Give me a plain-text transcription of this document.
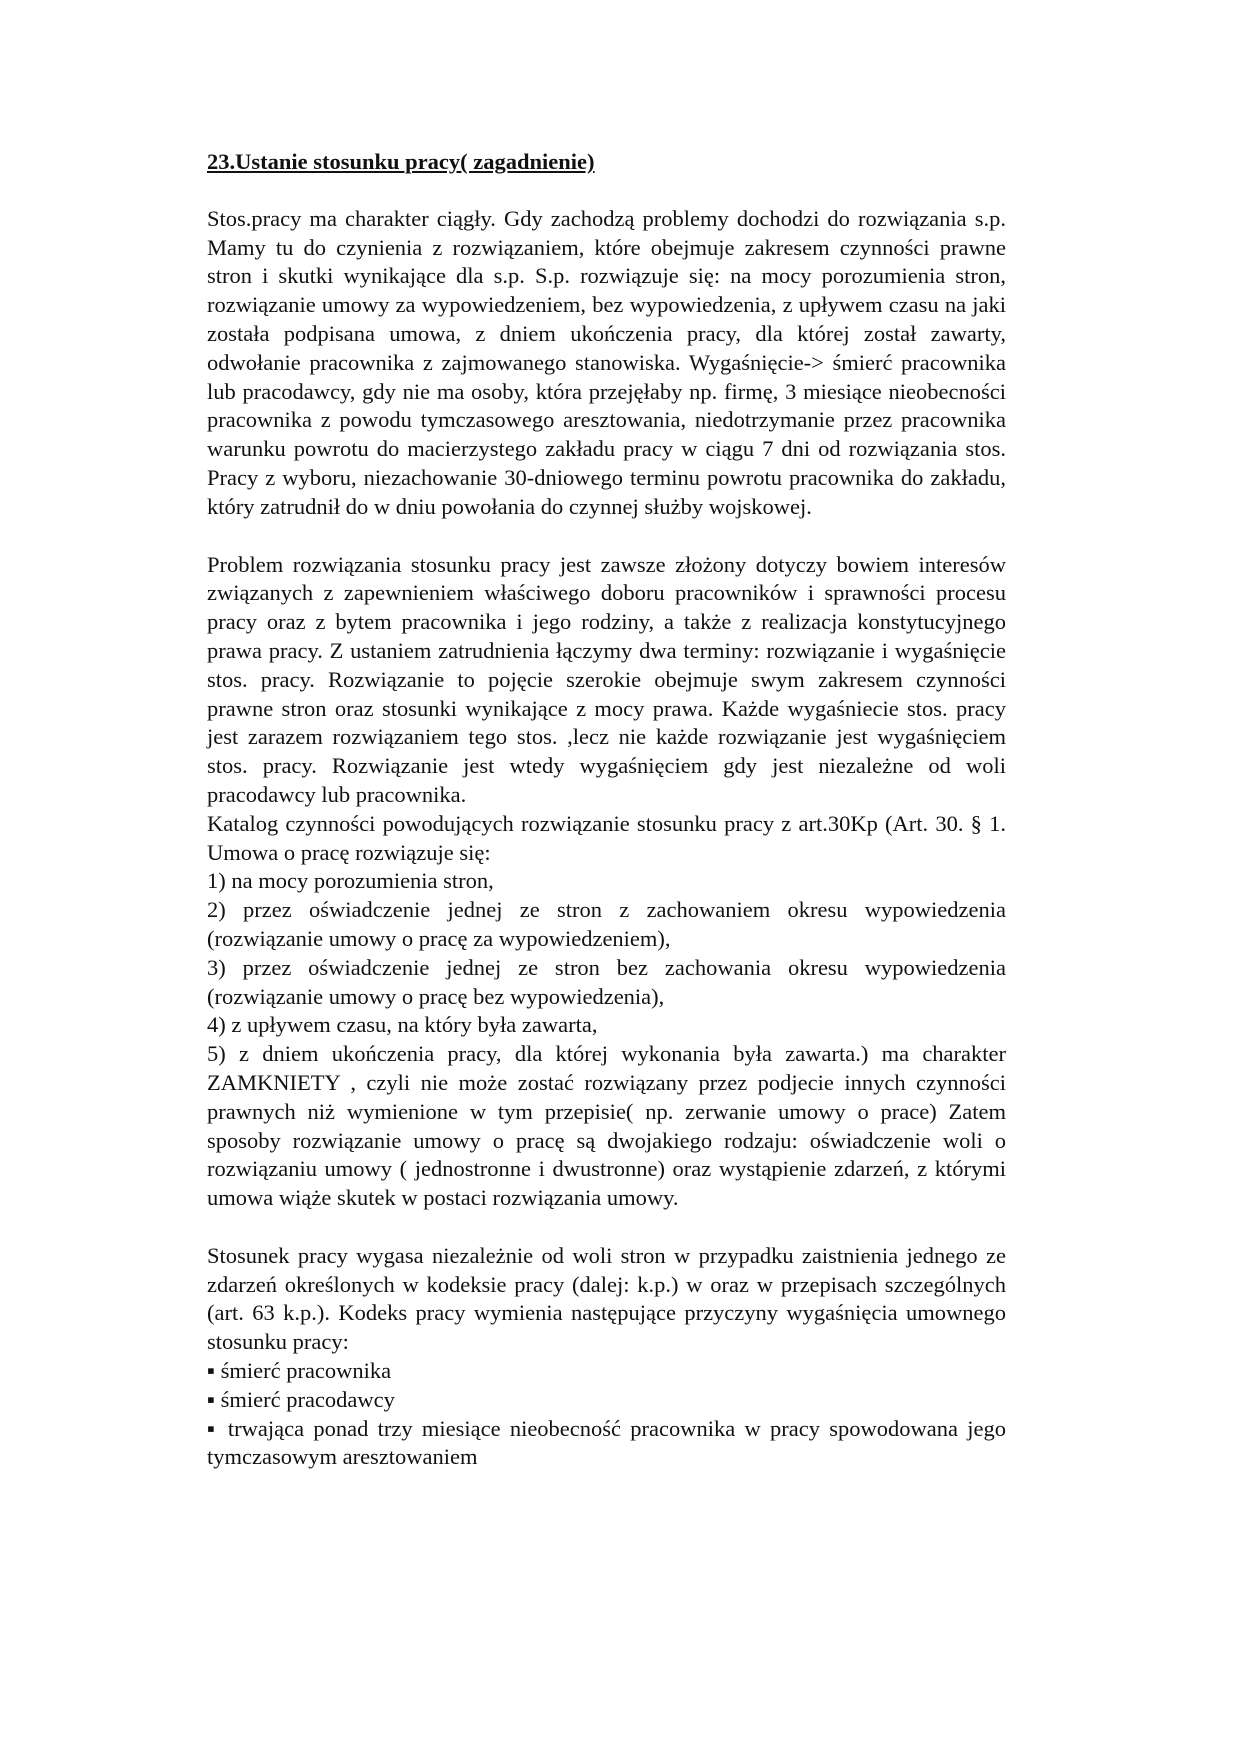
23.Ustanie stosunku pracy( zagadnienie)

Stos.pracy ma charakter ciągły. Gdy zachodzą problemy dochodzi do rozwiązania s.p. Mamy tu do czynienia z rozwiązaniem, które obejmuje zakresem czynności prawne stron i skutki wynikające dla s.p. S.p. rozwiązuje się: na mocy porozumienia stron, rozwiązanie umowy za wypowiedzeniem, bez wypowiedzenia, z upływem czasu na jaki została podpisana umowa, z dniem ukończenia pracy, dla której został zawarty, odwołanie pracownika z zajmowanego stanowiska. Wygaśnięcie-> śmierć pracownika lub pracodawcy, gdy nie ma osoby, która przejęłaby np. firmę, 3 miesiące nieobecności pracownika z powodu tymczasowego aresztowania, niedotrzymanie przez pracownika warunku powrotu do macierzystego zakładu pracy w ciągu 7 dni od rozwiązania stos. Pracy z wyboru, niezachowanie 30-dniowego terminu powrotu pracownika do zakładu, który zatrudnił do w dniu powołania do czynnej służby wojskowej.

Problem rozwiązania stosunku pracy jest zawsze złożony dotyczy bowiem interesów związanych z zapewnieniem właściwego doboru pracowników i sprawności procesu pracy oraz z bytem pracownika i jego rodziny, a także z realizacja konstytucyjnego prawa pracy. Z ustaniem zatrudnienia łączymy dwa terminy: rozwiązanie i wygaśnięcie stos. pracy. Rozwiązanie to pojęcie szerokie obejmuje swym zakresem czynności prawne stron oraz stosunki wynikające z mocy prawa. Każde wygaśniecie stos. pracy jest zarazem rozwiązaniem tego stos. ,lecz nie każde rozwiązanie jest wygaśnięciem stos. pracy. Rozwiązanie jest wtedy wygaśnięciem gdy jest niezależne od woli pracodawcy lub pracownika.

Katalog czynności powodujących rozwiązanie stosunku pracy z art.30Kp (Art. 30. § 1. Umowa o pracę rozwiązuje się:

1) na mocy porozumienia stron,

2) przez oświadczenie jednej ze stron z zachowaniem okresu wypowiedzenia (rozwiązanie umowy o pracę za wypowiedzeniem),

3) przez oświadczenie jednej ze stron bez zachowania okresu wypowiedzenia (rozwiązanie umowy o pracę bez wypowiedzenia),

4) z upływem czasu, na który była zawarta,

5) z dniem ukończenia pracy, dla której wykonania była zawarta.) ma charakter ZAMKNIETY , czyli nie może zostać rozwiązany przez podjecie innych czynności prawnych niż wymienione w tym przepisie( np. zerwanie umowy o prace) Zatem sposoby rozwiązanie umowy o pracę są dwojakiego rodzaju: oświadczenie woli o rozwiązaniu umowy ( jednostronne i dwustronne) oraz wystąpienie zdarzeń, z którymi umowa wiąże skutek w postaci rozwiązania umowy.

Stosunek pracy wygasa niezależnie od woli stron w przypadku zaistnienia jednego ze zdarzeń określonych w kodeksie pracy (dalej: k.p.) w oraz w przepisach szczególnych (art. 63 k.p.). Kodeks pracy wymienia następujące przyczyny wygaśnięcia umownego stosunku pracy:

▪ śmierć pracownika

▪ śmierć pracodawcy

▪ trwająca ponad trzy miesiące nieobecność pracownika w pracy spowodowana jego tymczasowym aresztowaniem
